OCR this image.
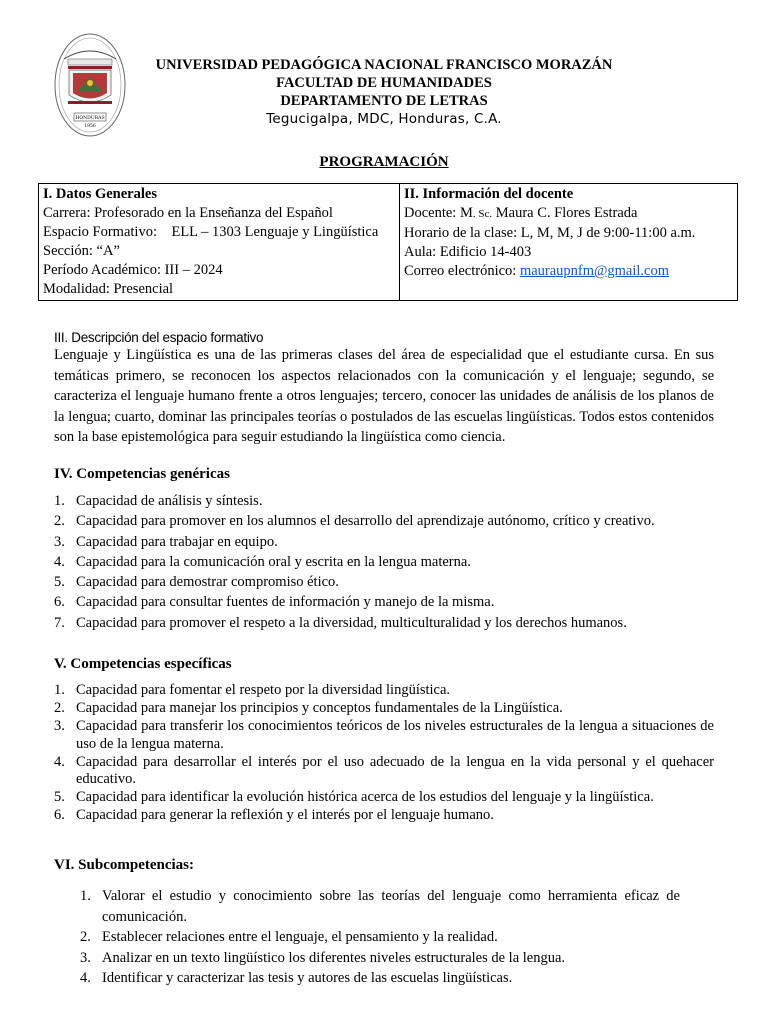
HONDURAS
1956
UNIVERSIDAD PEDAGÓGICA NACIONAL FRANCISCO MORAZÁN
FACULTAD DE HUMANIDADES
DEPARTAMENTO DE LETRAS
Tegucigalpa, MDC, Honduras, C.A.
PROGRAMACIÓN
I. Datos Generales
Carrera: Profesorado en la Enseñanza del Español
Espacio Formativo: ELL – 1303 Lenguaje y Lingüística
Sección: “A”
Período Académico: III – 2024
Modalidad: Presencial

II. Información del docente
Docente: M. Sc. Maura C. Flores Estrada
Horario de la clase: L, M, M, J de 9:00-11:00 a.m.
Aula: Edificio 14-403
Correo electrónico: mauraupnfm@gmail.com
III. Descripción del espacio formativo

Lenguaje y Lingüística es una de las primeras clases del área de especialidad que el estudiante cursa. En sus temáticas primero, se reconocen los aspectos relacionados con la comunicación y el lenguaje; segundo, se caracteriza el lenguaje humano frente a otros lenguajes; tercero, conocer las unidades de análisis de los planos de la lengua; cuarto, dominar las principales teorías o postulados de las escuelas lingüísticas. Todos estos contenidos son la base epistemológica para seguir estudiando la lingüística como ciencia.

IV. Competencias genéricas
1. Capacidad de análisis y síntesis.
2. Capacidad para promover en los alumnos el desarrollo del aprendizaje autónomo, crítico y creativo.
3. Capacidad para trabajar en equipo.
4. Capacidad para la comunicación oral y escrita en la lengua materna.
5. Capacidad para demostrar compromiso ético.
6. Capacidad para consultar fuentes de información y manejo de la misma.
7. Capacidad para promover el respeto a la diversidad, multiculturalidad y los derechos humanos.
V. Competencias específicas
1. Capacidad para fomentar el respeto por la diversidad lingüística.
2. Capacidad para manejar los principios y conceptos fundamentales de la Lingüística.
3. Capacidad para transferir los conocimientos teóricos de los niveles estructurales de la lengua a situaciones de uso de la lengua materna.
4. Capacidad para desarrollar el interés por el uso adecuado de la lengua en la vida personal y el quehacer educativo.
5. Capacidad para identificar la evolución histórica acerca de los estudios del lenguaje y la lingüística.
6. Capacidad para generar la reflexión y el interés por el lenguaje humano.
VI. Subcompetencias:
1. Valorar el estudio y conocimiento sobre las teorías del lenguaje como herramienta eficaz de comunicación.
2. Establecer relaciones entre el lenguaje, el pensamiento y la realidad.
3. Analizar en un texto lingüístico los diferentes niveles estructurales de la lengua.
4. Identificar y caracterizar las tesis y autores de las escuelas lingüísticas.
